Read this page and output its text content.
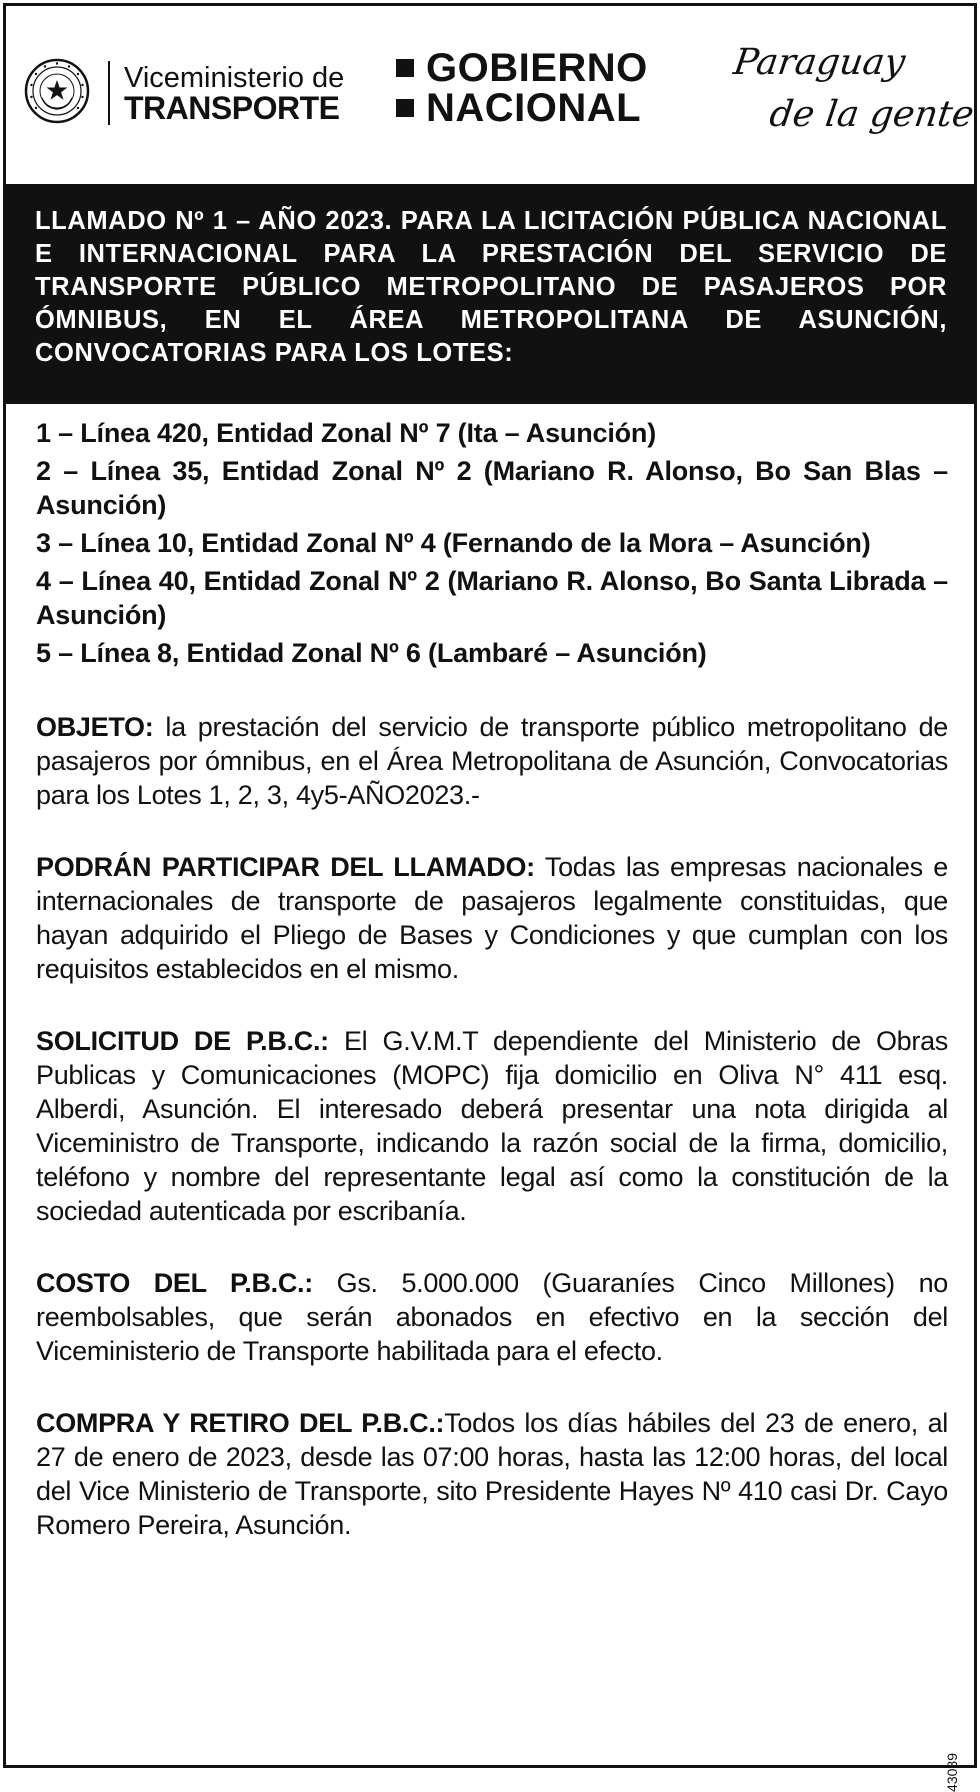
Viceministerio de
TRANSPORTE
GOBIERNO
NACIONAL
Paraguay
de la gente
LLAMADO Nº 1 – AÑO 2023. PARA LA LICITACIÓN PÚBLICA NACIONAL E INTERNACIONAL PARA LA PRESTACIÓN DEL SERVICIO DE TRANSPORTE PÚBLICO METROPOLITANO DE PASAJEROS POR ÓMNIBUS, EN EL ÁREA METROPOLITANA DE ASUNCIÓN, CONVOCATORIAS PARA LOS LOTES:
1 – Línea 420, Entidad Zonal Nº 7 (Ita – Asunción)
2 – Línea 35, Entidad Zonal Nº 2 (Mariano R. Alonso, Bo San Blas – Asunción)
3 – Línea 10, Entidad Zonal Nº 4 (Fernando de la Mora – Asunción)
4 – Línea 40, Entidad Zonal Nº 2 (Mariano R. Alonso, Bo Santa Librada – Asunción)
5 – Línea 8, Entidad Zonal Nº 6 (Lambaré – Asunción)

OBJETO: la prestación del servicio de transporte público metropolitano de pasajeros por ómnibus, en el Área Metropolitana de Asunción, Convocatorias para los Lotes 1, 2, 3, 4y5-AÑO2023.-

PODRÁN PARTICIPAR DEL LLAMADO: Todas las empresas nacionales e internacionales de transporte de pasajeros legalmente constituidas, que hayan adquirido el Pliego de Bases y Condiciones y que cumplan con los requisitos establecidos en el mismo.

SOLICITUD DE P.B.C.: El G.V.M.T dependiente del Ministerio de Obras Publicas y Comunicaciones (MOPC) fija domicilio en Oliva N° 411 esq. Alberdi, Asunción. El interesado deberá presentar una nota dirigida al Viceministro de Transporte, indicando la razón social de la firma, domicilio, teléfono y nombre del representante legal así como la constitución de la sociedad autenticada por escribanía.

COSTO DEL P.B.C.: Gs. 5.000.000 (Guaraníes Cinco Millones) no reembolsables, que serán abonados en efectivo en la sección del Viceministerio de Transporte habilitada para el efecto.

COMPRA Y RETIRO DEL P.B.C.:Todos los días hábiles del 23 de enero, al 27 de enero de 2023, desde las 07:00 horas, hasta las 12:00 horas, del local del Vice Ministerio de Transporte, sito Presidente Hayes Nº 410 casi Dr. Cayo Romero Pereira, Asunción.

43089
